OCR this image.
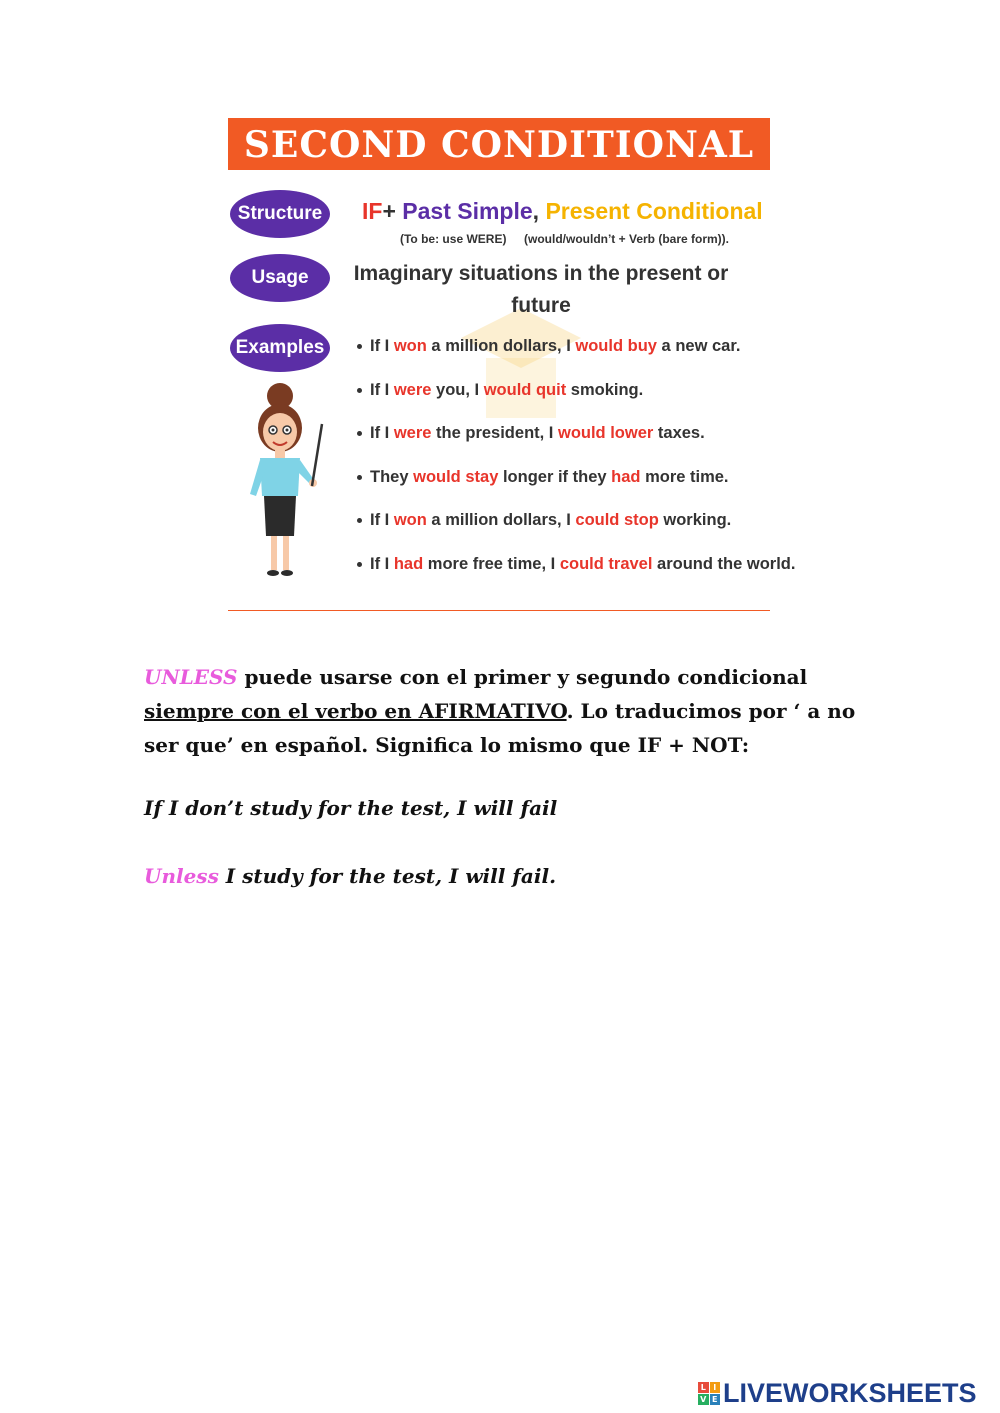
SECOND CONDITIONAL
Structure
Usage
Examples
IF+ Past Simple, Present Conditional
(To be: use WERE) (would/wouldn’t + Verb (bare form)).
Imaginary situations in the present or future
If I won a million dollars, I would buy a new car.
If I were you, I would quit smoking.
If I were the president, I would lower taxes.
They would stay longer if they had more time.
If I won a million dollars, I could stop working.
If I had more free time, I could travel around the world.
UNLESS puede usarse con el primer y segundo condicional siempre con el verbo en AFIRMATIVO. Lo traducimos por ‘ a no ser que’ en español. Significa lo mismo que IF + NOT:
If I don’t study for the test, I will fail
Unless I study for the test, I will fail.
L I
V E LIVEWORKSHEETS
